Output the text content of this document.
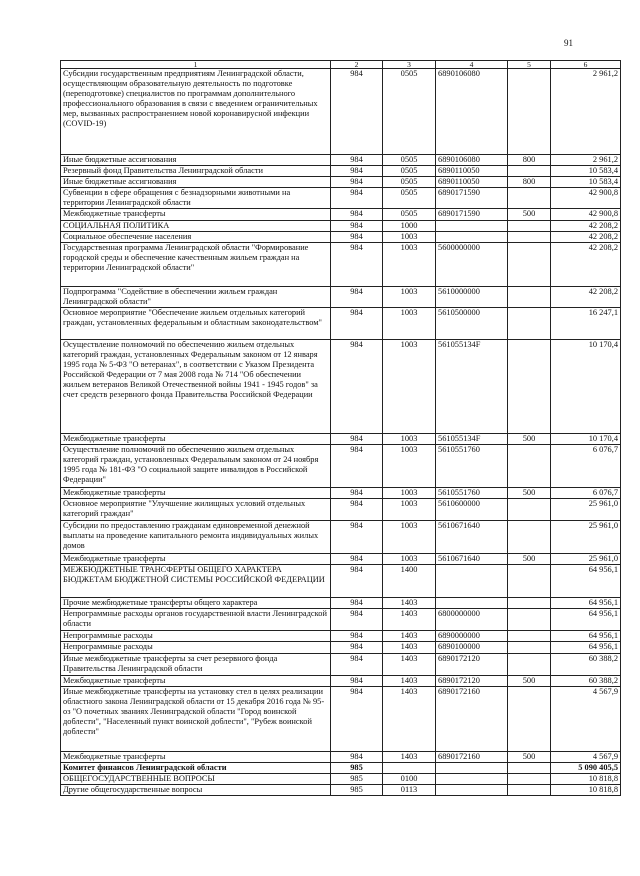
91
1	2	3	4	5	6
Субсидии государственным предприятиям Ленинградской области, осуществляющим образовательную деятельность по подготовке (переподготовке) специалистов по программам дополнительного профессионального образования в связи с введением ограничительных мер, вызванных распространением новой коронавирусной инфекции (COVID-19)	984	0505	6890106080		2 961,2
Иные бюджетные ассигнования	984	0505	6890106080	800	2 961,2
Резервный фонд Правительства Ленинградской области	984	0505	6890110050		10 583,4
Иные бюджетные ассигнования	984	0505	6890110050	800	10 583,4
Субвенции в сфере обращения с безнадзорными животными на территории Ленинградской области	984	0505	6890171590		42 900,8
Межбюджетные трансферты	984	0505	6890171590	500	42 900,8
СОЦИАЛЬНАЯ ПОЛИТИКА	984	1000			42 208,2
Социальное обеспечение населения	984	1003			42 208,2
Государственная программа Ленинградской области "Формирование городской среды и обеспечение качественным жильем граждан на территории Ленинградской области"	984	1003	5600000000		42 208,2
Подпрограмма "Содействие в обеспечении жильем граждан Ленинградской области"	984	1003	5610000000		42 208,2
Основное мероприятие "Обеспечение жильем отдельных категорий граждан, установленных федеральным и областным законодательством"	984	1003	5610500000		16 247,1
Осуществление полномочий по обеспечению жильем отдельных категорий граждан, установленных Федеральным законом от 12 января 1995 года № 5-ФЗ "О ветеранах", в соответствии с Указом Президента Российской Федерации от 7 мая 2008 года № 714 "Об обеспечении жильем ветеранов Великой Отечественной войны 1941 - 1945 годов" за счет средств резервного фонда Правительства Российской Федерации	984	1003	561055134F		10 170,4
Межбюджетные трансферты	984	1003	561055134F	500	10 170,4
Осуществление полномочий по обеспечению жильем отдельных категорий граждан, установленных Федеральным законом от 24 ноября 1995 года № 181-ФЗ "О социальной защите инвалидов в Российской Федерации"	984	1003	5610551760		6 076,7
Межбюджетные трансферты	984	1003	5610551760	500	6 076,7
Основное мероприятие "Улучшение жилищных условий отдельных категорий граждан"	984	1003	5610600000		25 961,0
Субсидии по предоставлению гражданам единовременной денежной выплаты на проведение капитального ремонта индивидуальных жилых домов	984	1003	5610671640		25 961,0
Межбюджетные трансферты	984	1003	5610671640	500	25 961,0
МЕЖБЮДЖЕТНЫЕ ТРАНСФЕРТЫ ОБЩЕГО ХАРАКТЕРА БЮДЖЕТАМ БЮДЖЕТНОЙ СИСТЕМЫ РОССИЙСКОЙ ФЕДЕРАЦИИ	984	1400			64 956,1
Прочие межбюджетные трансферты общего характера	984	1403			64 956,1
Непрограммные расходы органов государственной власти Ленинградской области	984	1403	6800000000		64 956,1
Непрограммные расходы	984	1403	6890000000		64 956,1
Непрограммные расходы	984	1403	6890100000		64 956,1
Иные межбюджетные трансферты за счет резервного фонда Правительства Ленинградской области	984	1403	6890172120		60 388,2
Межбюджетные трансферты	984	1403	6890172120	500	60 388,2
Иные межбюджетные трансферты на установку стел в целях реализации областного закона Ленинградской области от 15 декабря 2016 года № 95-оз "О почетных званиях Ленинградской области "Город воинской доблести", "Населенный пункт воинской доблести", "Рубеж воинской доблести"	984	1403	6890172160		4 567,9
Межбюджетные трансферты	984	1403	6890172160	500	4 567,9
Комитет финансов Ленинградской области	985				5 090 405,5
ОБЩЕГОСУДАРСТВЕННЫЕ ВОПРОСЫ	985	0100			10 818,8
Другие общегосударственные вопросы	985	0113			10 818,8
